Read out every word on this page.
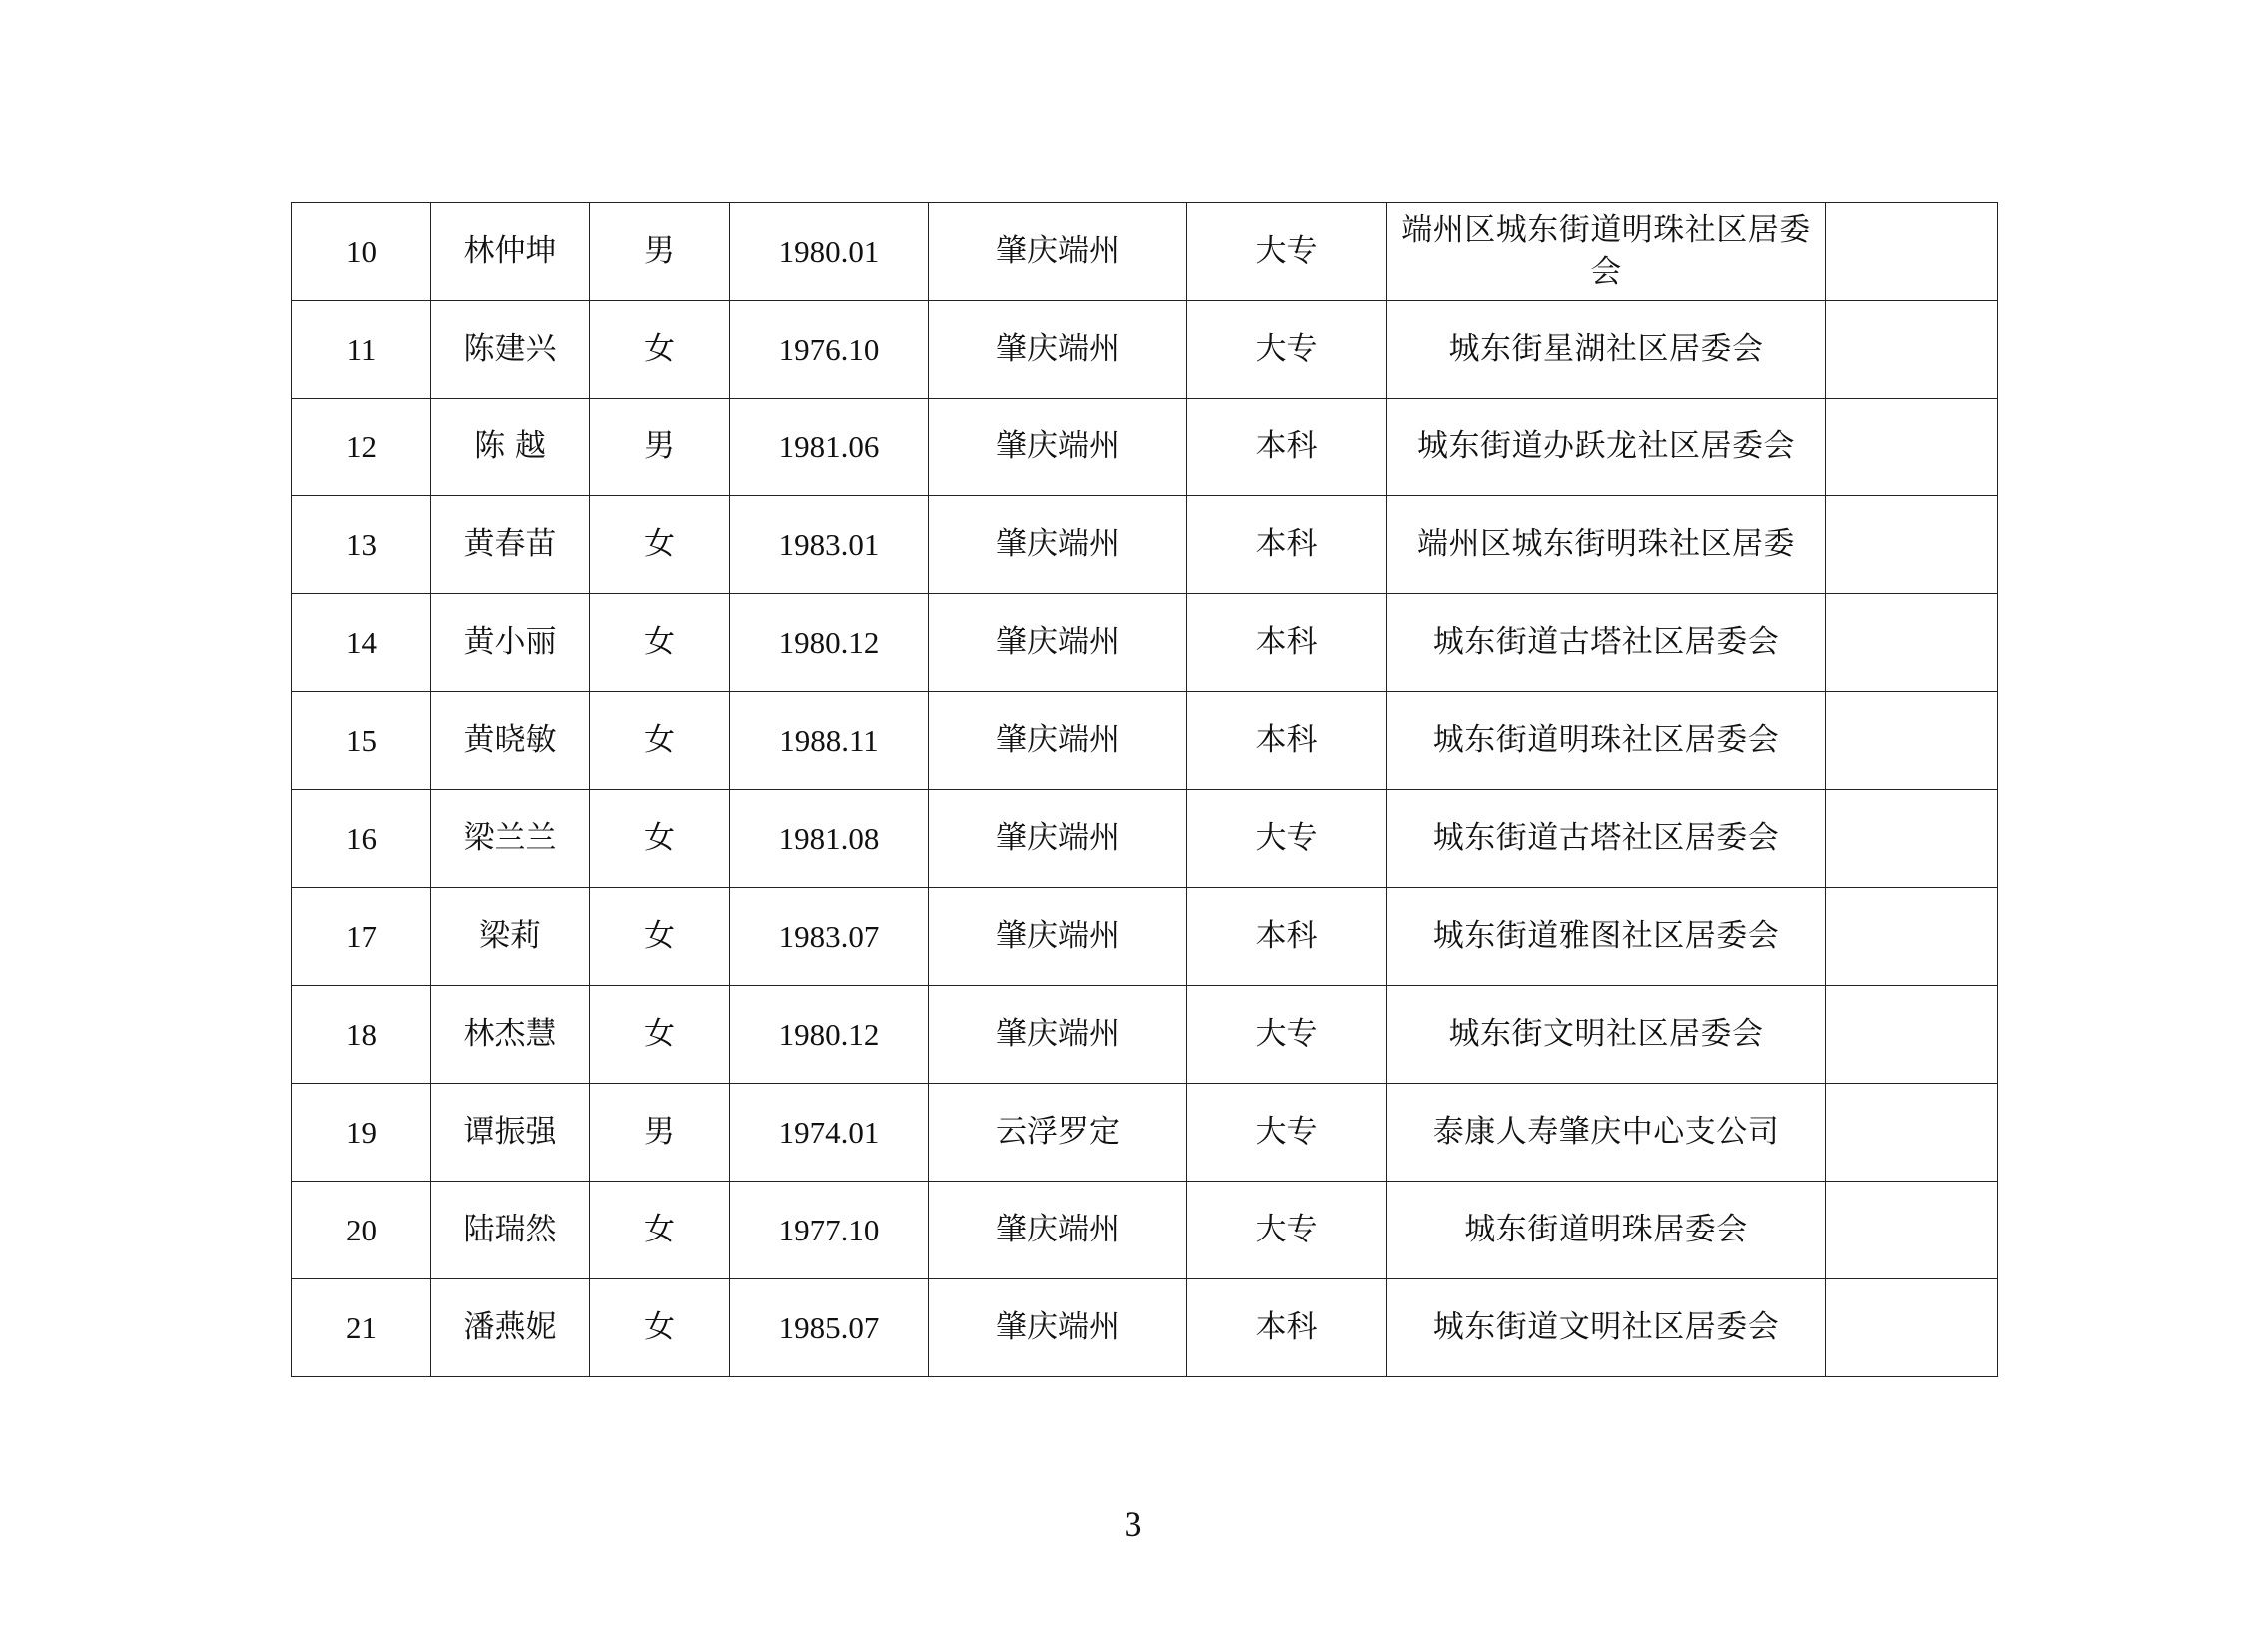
10	林仲坤	男	1980.01	肇庆端州	大专	端州区城东街道明珠社区居委会	
11	陈建兴	女	1976.10	肇庆端州	大专	城东街星湖社区居委会	
12	陈 越	男	1981.06	肇庆端州	本科	城东街道办跃龙社区居委会	
13	黄春苗	女	1983.01	肇庆端州	本科	端州区城东街明珠社区居委	
14	黄小丽	女	1980.12	肇庆端州	本科	城东街道古塔社区居委会	
15	黄晓敏	女	1988.11	肇庆端州	本科	城东街道明珠社区居委会	
16	梁兰兰	女	1981.08	肇庆端州	大专	城东街道古塔社区居委会	
17	梁莉	女	1983.07	肇庆端州	本科	城东街道雅图社区居委会	
18	林杰慧	女	1980.12	肇庆端州	大专	城东街文明社区居委会	
19	谭振强	男	1974.01	云浮罗定	大专	泰康人寿肇庆中心支公司	
20	陆瑞然	女	1977.10	肇庆端州	大专	城东街道明珠居委会	
21	潘燕妮	女	1985.07	肇庆端州	本科	城东街道文明社区居委会	
3
